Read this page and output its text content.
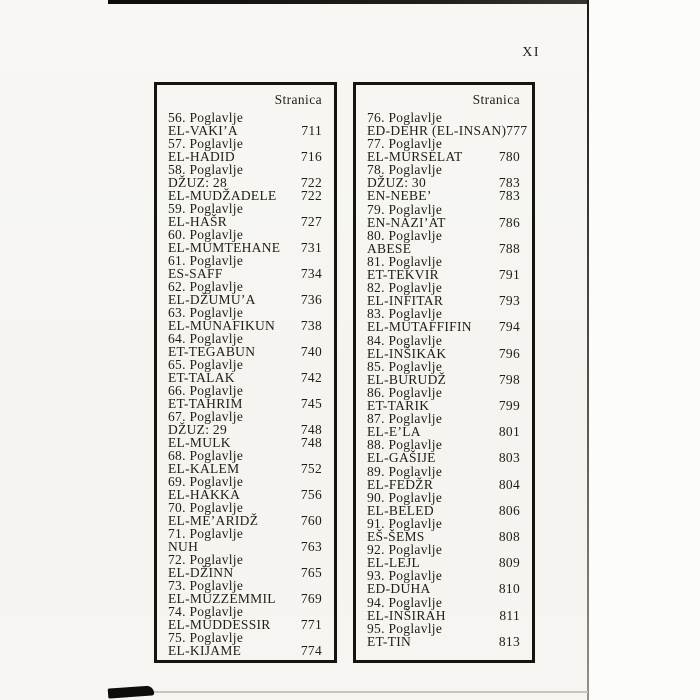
XI
Stranica
56. Poglavlje
EL-VAKI’A	711
57. Poglavlje
EL-HADID	716
58. Poglavlje
DŽUZ: 28	722
EL-MUDŽADELE 722
59. Poglavlje
EL-HAŠR	727
60. Poglavlje
EL-MUMTEHANE 731
61. Poglavlje
ES-SAFF	734
62. Poglavlje
EL-DŽUMU’A	736
63. Poglavlje
EL-MUNAFIKUN 738
64. Poglavlje
ET-TEGABUN	740
65. Poglavlje
ET-TALAK	742
66. Poglavlje
ET-TAHRIM	745
67. Poglavlje
DŽUZ: 29	748
EL-MULK	748
68. Poglavlje
EL-KALEM	752
69. Poglavlje
EL-HAKKA	756
70. Poglavlje
EL-ME’ARIDŽ	760
71. Poglavlje
NUH	763
72. Poglavlje
EL-DŽINN	765
73. Poglavlje
EL-MUZZEMMIL 769
74. Poglavlje
EL-MUDDESSIR 771
75. Poglavlje
EL-KIJAME	774
Stranica
76. Poglavlje
ED-DEHR (EL-INSAN) 777
77. Poglavlje
EL-MURSELAT	780
78. Poglavlje
DŽUZ: 30	783
EN-NEBE’	783
79. Poglavlje
EN-NAZI’AT	786
80. Poglavlje
ABESE	788
81. Poglavlje
ET-TEKVIR	791
82. Poglavlje
EL-INFITAR	793
83. Poglavlje
EL-MUTAFFIFIN 794
84. Poglavlje
EL-INŠIKAK	796
85. Poglavlje
EL-BURUDŽ	798
86. Poglavlje
ET-TARIK	799
87. Poglavlje
EL-E’LA	801
88. Poglavlje
EL-GAŠIJE	803
89. Poglavlje
EL-FEDŽR	804
90. Poglavlje
EL-BELED	806
91. Poglavlje
EŠ-ŠEMS	808
92. Poglavlje
EL-LEJL	809
93. Poglavlje
ED-DUHA	810
94. Poglavlje
EL-INŠIRAH	811
95. Poglavlje
ET-TIN	813
